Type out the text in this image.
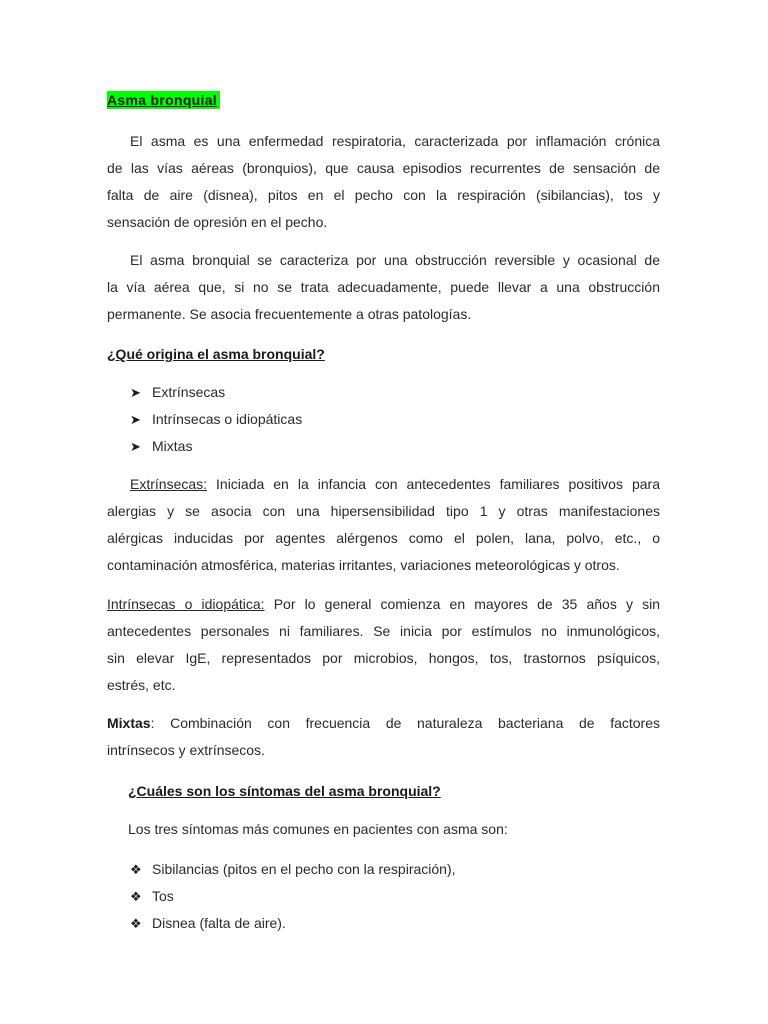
Asma bronquial

El asma es una enfermedad respiratoria, caracterizada por inflamación crónica
de las vías aéreas (bronquios), que causa episodios recurrentes de sensación de
falta de aire (disnea), pitos en el pecho con la respiración (sibilancias), tos y
sensación de opresión en el pecho.

El asma bronquial se caracteriza por una obstrucción reversible y ocasional de
la vía aérea que, si no se trata adecuadamente, puede llevar a una obstrucción
permanente. Se asocia frecuentemente a otras patologías.

¿Qué origina el asma bronquial?
➤ Extrínsecas
➤ Intrínsecas o idiopáticas
➤ Mixtas

Extrínsecas: Iniciada en la infancia con antecedentes familiares positivos para
alergias y se asocia con una hipersensibilidad tipo 1 y otras manifestaciones
alérgicas inducidas por agentes alérgenos como el polen, lana, polvo, etc., o
contaminación atmosférica, materias irritantes, variaciones meteorológicas y otros.

Intrínsecas o idiopática: Por lo general comienza en mayores de 35 años y sin
antecedentes personales ni familiares. Se inicia por estímulos no inmunológicos,
sin elevar IgE, representados por microbios, hongos, tos, trastornos psíquicos,
estrés, etc.

Mixtas: Combinación con frecuencia de naturaleza bacteriana de factores
intrínsecos y extrínsecos.

¿Cuáles son los síntomas del asma bronquial?

Los tres síntomas más comunes en pacientes con asma son:

❖ Sibilancias (pitos en el pecho con la respiración),
❖ Tos
❖ Disnea (falta de aire).
